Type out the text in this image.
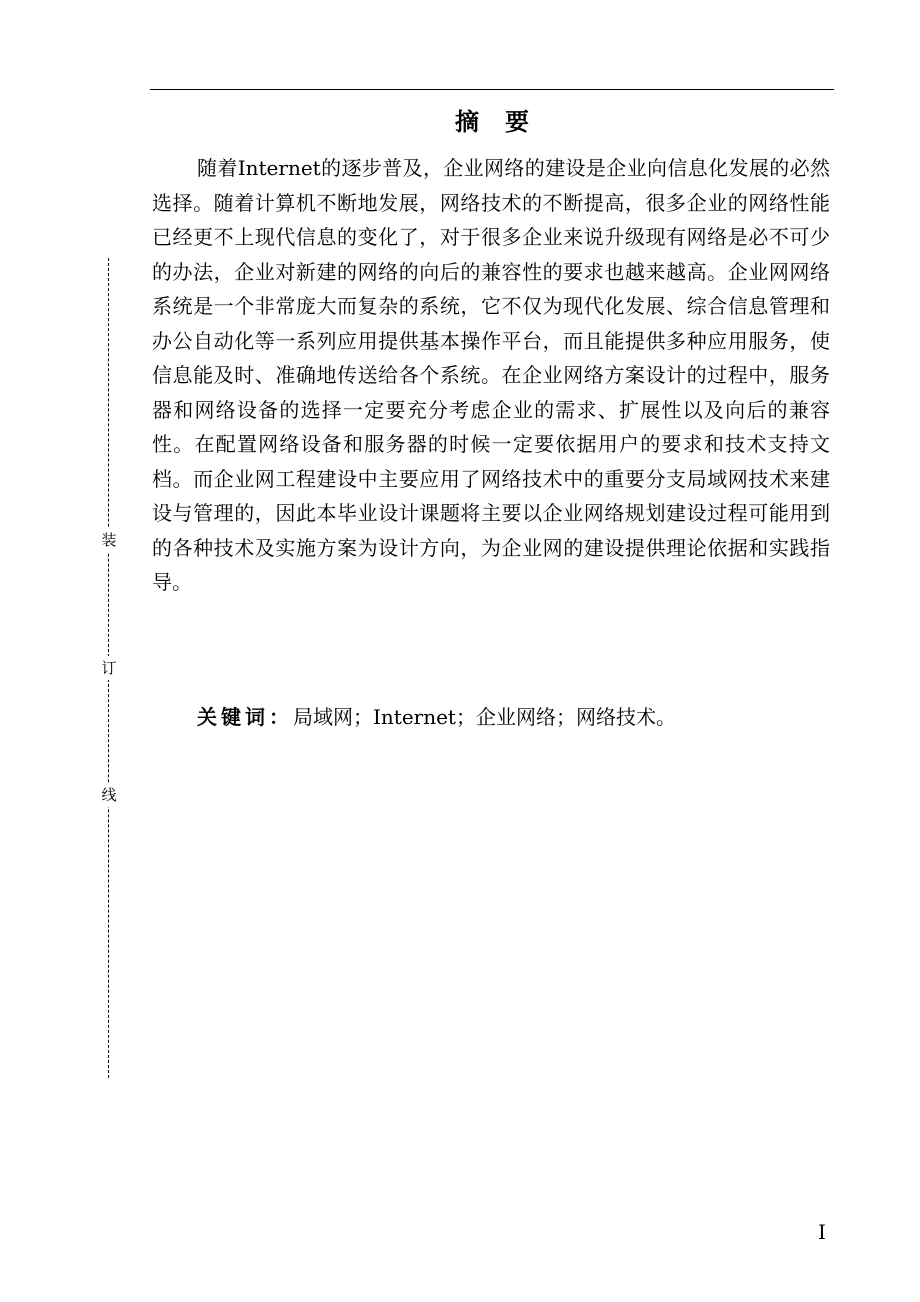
装
订
线
摘要

随着Internet的逐步普及，企业网络的建设是企业向信息化发展的必然选择。随着计算机不断地发展，网络技术的不断提高，很多企业的网络性能已经更不上现代信息的变化了，对于很多企业来说升级现有网络是必不可少的办法，企业对新建的网络的向后的兼容性的要求也越来越高。企业网网络系统是一个非常庞大而复杂的系统，它不仅为现代化发展、综合信息管理和办公自动化等一系列应用提供基本操作平台，而且能提供多种应用服务，使信息能及时、准确地传送给各个系统。在企业网络方案设计的过程中，服务器和网络设备的选择一定要充分考虑企业的需求、扩展性以及向后的兼容性。在配置网络设备和服务器的时候一定要依据用户的要求和技术支持文档。而企业网工程建设中主要应用了网络技术中的重要分支局域网技术来建设与管理的，因此本毕业设计课题将主要以企业网络规划建设过程可能用到的各种技术及实施方案为设计方向，为企业网的建设提供理论依据和实践指导。

关键词：局域网；Internet；企业网络；网络技术。

I
